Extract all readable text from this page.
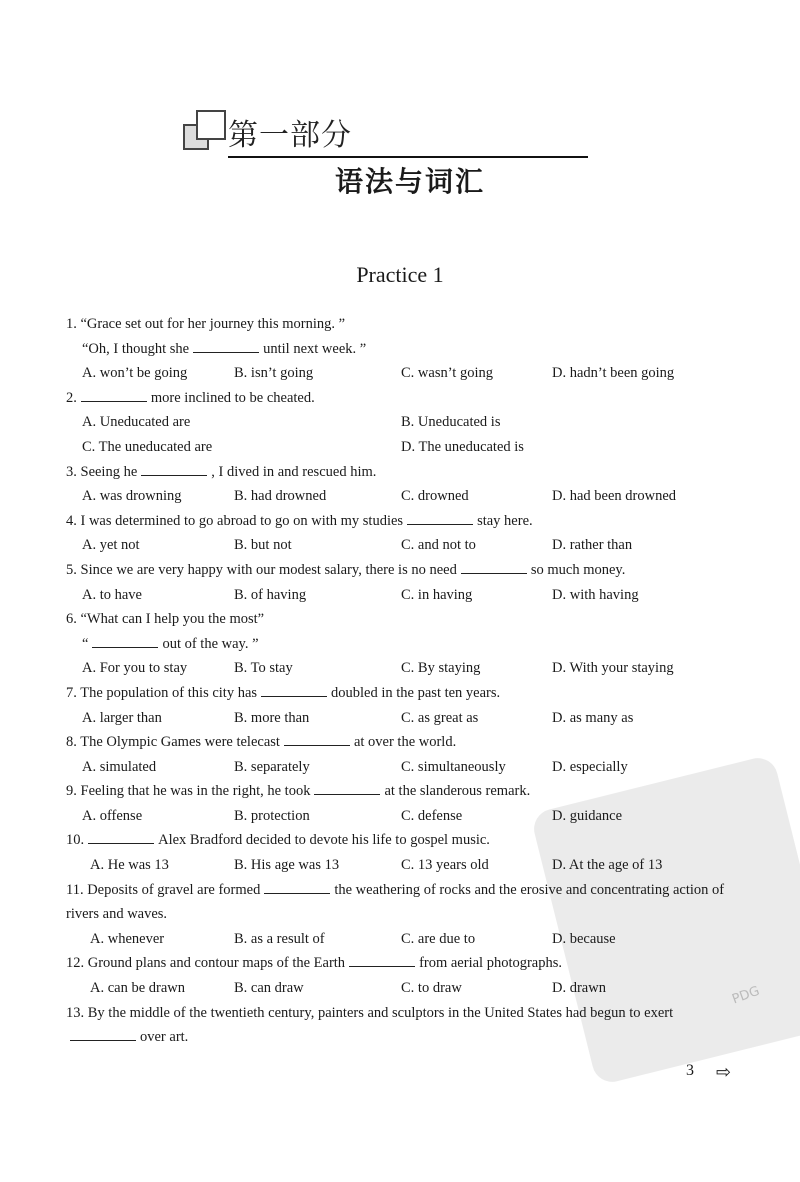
PDG
第一部分
语法与词汇
Practice 1
1. “Grace set out for her journey this morning. ”
“Oh, I thought she	until next week. ”
A. won’t be going	B. isn’t going	C. wasn’t going	D. hadn’t been going
2.	more inclined to be cheated.
A. Uneducated are	B. Uneducated is
C. The uneducated are	D. The uneducated is
3. Seeing he	, I dived in and rescued him.
A. was drowning	B. had drowned	C. drowned	D. had been drowned
4. I was determined to go abroad to go on with my studies	stay here.
A. yet not	B. but not	C. and not to	D. rather than
5. Since we are very happy with our modest salary, there is no need	so much money.
A. to have	B. of having	C. in having	D. with having
6. “What can I help you the most”
“	out of the way. ”
A. For you to stay	B. To stay	C. By staying	D. With your staying
7. The population of this city has	doubled in the past ten years.
A. larger than	B. more than	C. as great as	D. as many as
8. The Olympic Games were telecast	at over the world.
A. simulated	B. separately	C. simultaneously	D. especially
9. Feeling that he was in the right, he took	at the slanderous remark.
A. offense	B. protection	C. defense	D. guidance
10.	Alex Bradford decided to devote his life to gospel music.
A. He was 13	B. His age was 13	C. 13 years old	D. At the age of 13
11. Deposits of gravel are formed	the weathering of rocks and the erosive and concentrating action of rivers and waves.
A. whenever	B. as a result of	C. are due to	D. because
12. Ground plans and contour maps of the Earth	from aerial photographs.
A. can be drawn	B. can draw	C. to draw	D. drawn
13. By the middle of the twentieth century, painters and sculptors in the United States had begun to exertover art.
3 ⇨
